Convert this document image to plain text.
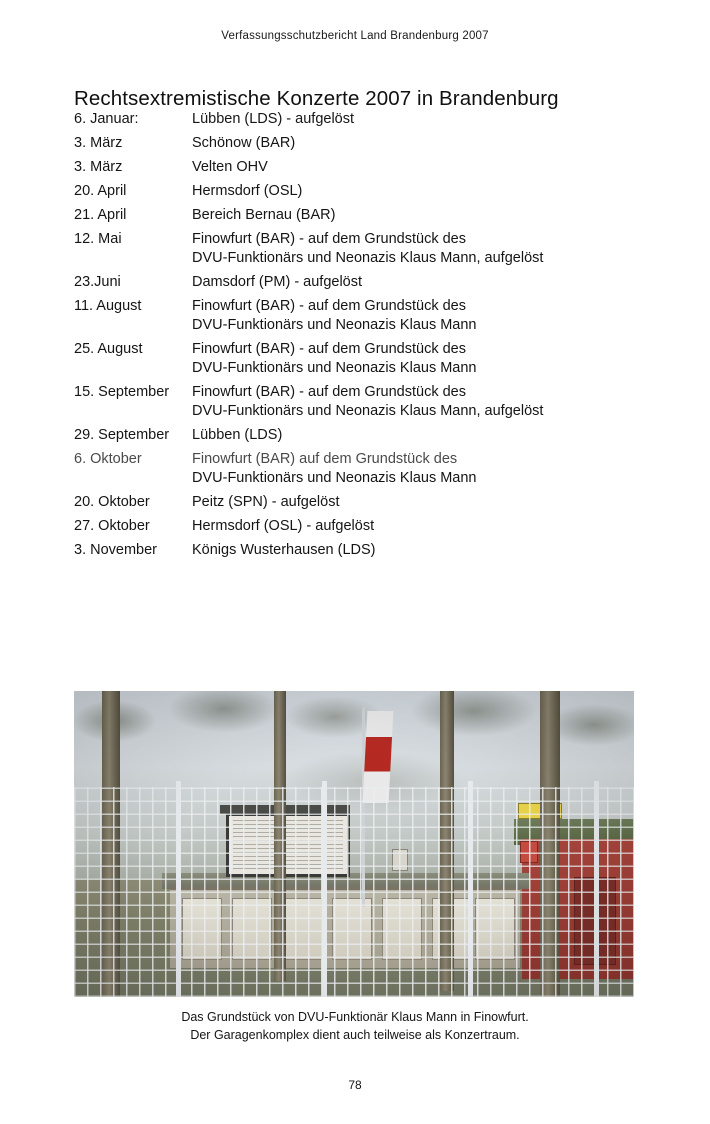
Verfassungsschutzbericht Land Brandenburg 2007
Rechtsextremistische Konzerte 2007 in Brandenburg
6. Januar:	Lübben (LDS) - aufgelöst
3. März	Schönow (BAR)
3. März	Velten OHV
20. April	Hermsdorf (OSL)
21. April	Bereich Bernau (BAR)
12. Mai	Finowfurt (BAR) - auf dem Grundstück des
DVU-Funktionärs und Neonazis Klaus Mann, aufgelöst
23.Juni	Damsdorf (PM) - aufgelöst
11. August	Finowfurt (BAR) - auf dem Grundstück des
DVU-Funktionärs und Neonazis Klaus Mann
25. August	Finowfurt (BAR) - auf dem Grundstück des
DVU-Funktionärs und Neonazis Klaus Mann
15. September	Finowfurt (BAR) - auf dem Grundstück des
DVU-Funktionärs und Neonazis Klaus Mann, aufgelöst
29. September	Lübben (LDS)
6. Oktober	Finowfurt (BAR) auf dem Grundstück des
DVU-Funktionärs und Neonazis Klaus Mann
20. Oktober	Peitz (SPN) - aufgelöst
27. Oktober	Hermsdorf (OSL) - aufgelöst
3. November	Königs Wusterhausen (LDS)
Das Grundstück von DVU-Funktionär Klaus Mann in Finowfurt.
Der Garagenkomplex dient auch teilweise als Konzertraum.
78
